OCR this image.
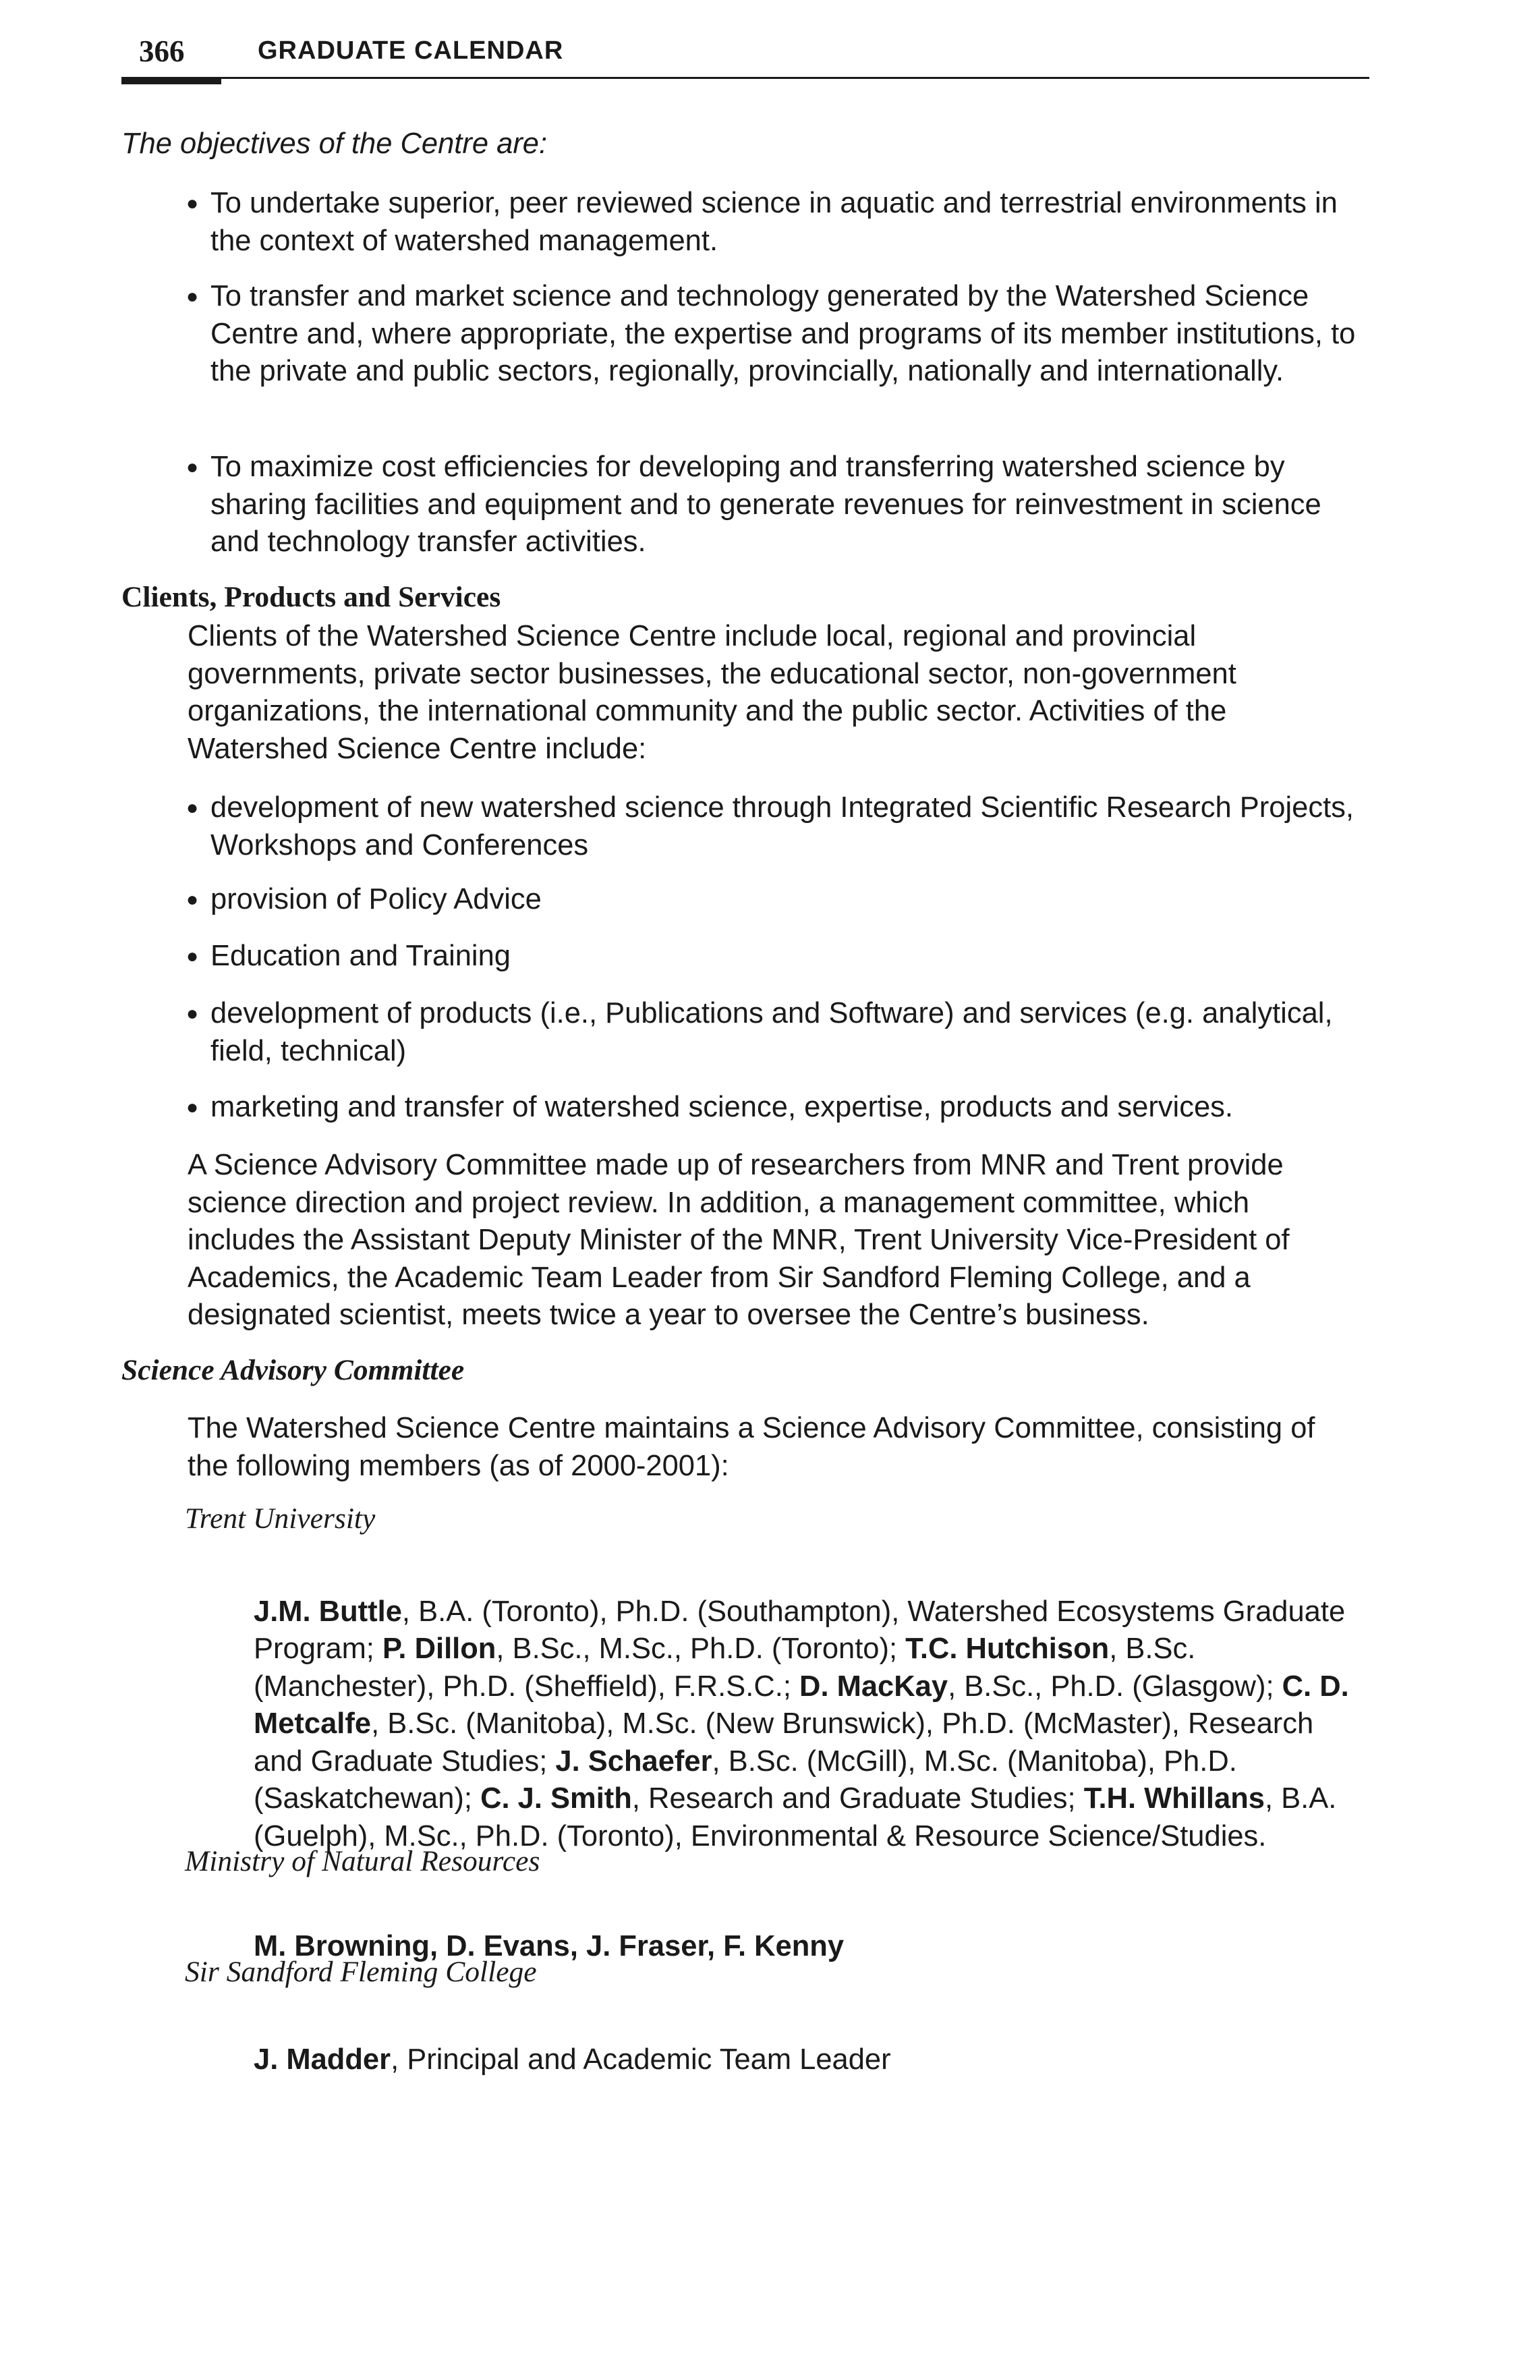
366	GRADUATE CALENDAR

The objectives of the Centre are:

● To undertake superior, peer reviewed science in aquatic and terrestrial environments in the context of watershed management.
● To transfer and market science and technology generated by the Watershed Science Centre and, where appropriate, the expertise and programs of its member institutions, to the private and public sectors, regionally, provincially, nationally and internationally.
● To maximize cost efficiencies for developing and transferring watershed science by sharing facilities and equipment and to generate revenues for reinvestment in science and technology transfer activities.
Clients, Products and Services

Clients of the Watershed Science Centre include local, regional and provincial governments, private sector businesses, the educational sector, non-government organizations, the international community and the public sector. Activities of the Watershed Science Centre include:

● development of new watershed science through Integrated Scientific Research Projects, Workshops and Conferences
● provision of Policy Advice
● Education and Training
● development of products (i.e., Publications and Software) and services (e.g. analytical, field, technical)
● marketing and transfer of watershed science, expertise, products and services.

A Science Advisory Committee made up of researchers from MNR and Trent provide science direction and project review. In addition, a management committee, which includes the Assistant Deputy Minister of the MNR, Trent University Vice-President of Academics, the Academic Team Leader from Sir Sandford Fleming College, and a designated scientist, meets twice a year to oversee the Centre’s business.

Science Advisory Committee

The Watershed Science Centre maintains a Science Advisory Committee, consisting of the following members (as of 2000-2001):

Trent University

J.M. Buttle, B.A. (Toronto), Ph.D. (Southampton), Watershed Ecosystems Graduate Program; P. Dillon, B.Sc., M.Sc., Ph.D. (Toronto); T.C. Hutchison, B.Sc. (Manchester), Ph.D. (Sheffield), F.R.S.C.; D. MacKay, B.Sc., Ph.D. (Glasgow); C. D. Metcalfe, B.Sc. (Manitoba), M.Sc. (New Brunswick), Ph.D. (McMaster), Research and Graduate Studies; J. Schaefer, B.Sc. (McGill), M.Sc. (Manitoba), Ph.D. (Saskatchewan); C. J. Smith, Research and Graduate Studies; T.H. Whillans, B.A. (Guelph), M.Sc., Ph.D. (Toronto), Environmental & Resource Science/Studies.

Ministry of Natural Resources

M. Browning, D. Evans, J. Fraser, F. Kenny

Sir Sandford Fleming College

J. Madder, Principal and Academic Team Leader
